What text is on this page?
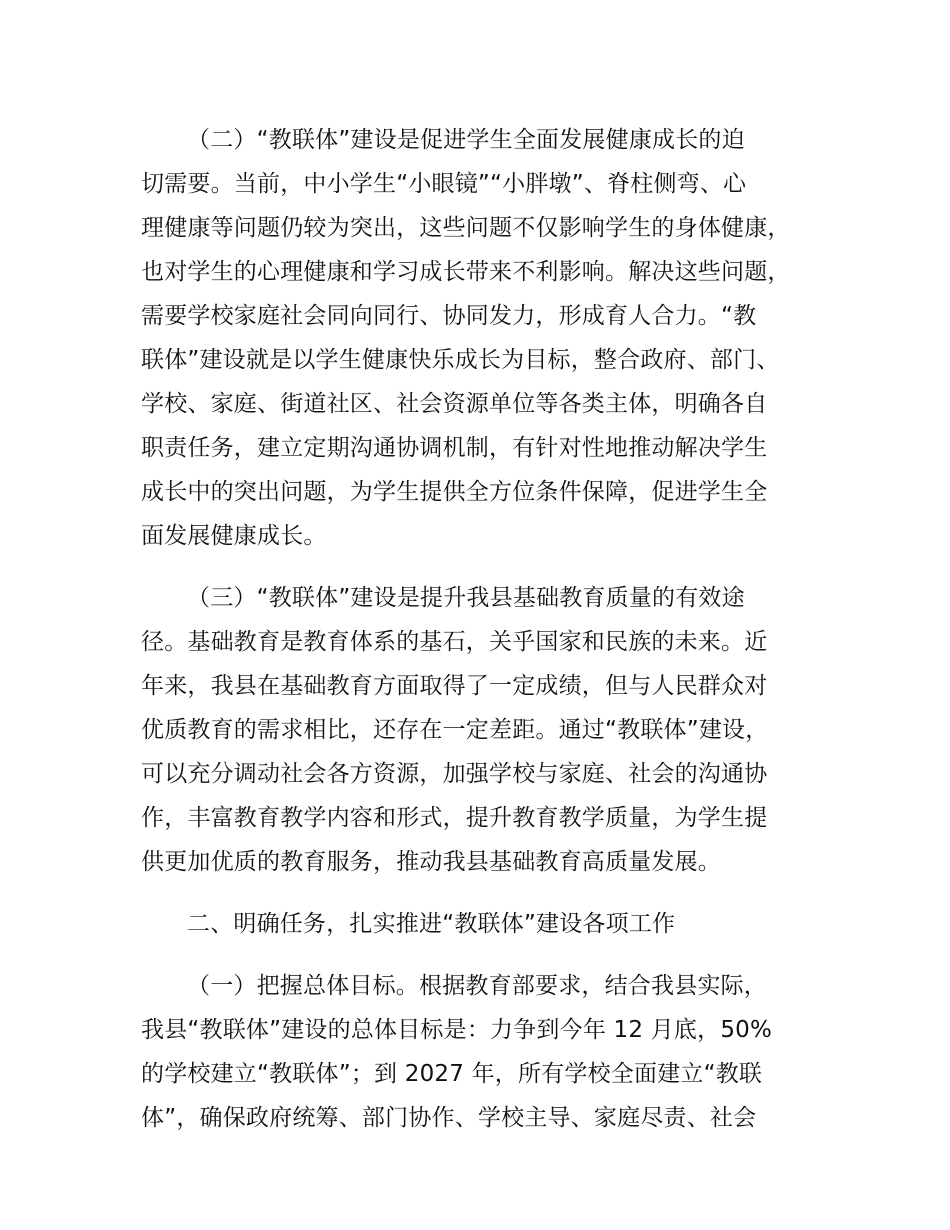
（二）“教联体”建设是促进学生全面发展健康成长的迫
切需要。当前，中小学生“小眼镜”“小胖墩”、脊柱侧弯、心
理健康等问题仍较为突出，这些问题不仅影响学生的身体健康，
也对学生的心理健康和学习成长带来不利影响。解决这些问题，
需要学校家庭社会同向同行、协同发力，形成育人合力。“教
联体”建设就是以学生健康快乐成长为目标，整合政府、部门、
学校、家庭、街道社区、社会资源单位等各类主体，明确各自
职责任务，建立定期沟通协调机制，有针对性地推动解决学生
成长中的突出问题，为学生提供全方位条件保障，促进学生全
面发展健康成长。
（三）“教联体”建设是提升我县基础教育质量的有效途
径。基础教育是教育体系的基石，关乎国家和民族的未来。近
年来，我县在基础教育方面取得了一定成绩，但与人民群众对
优质教育的需求相比，还存在一定差距。通过“教联体”建设，
可以充分调动社会各方资源，加强学校与家庭、社会的沟通协
作，丰富教育教学内容和形式，提升教育教学质量，为学生提
供更加优质的教育服务，推动我县基础教育高质量发展。
二、明确任务，扎实推进“教联体”建设各项工作
（一）把握总体目标。根据教育部要求，结合我县实际，
我县“教联体”建设的总体目标是：力争到今年 12 月底，50%
的学校建立“教联体”；到 2027 年，所有学校全面建立“教联
体”，确保政府统筹、部门协作、学校主导、家庭尽责、社会
